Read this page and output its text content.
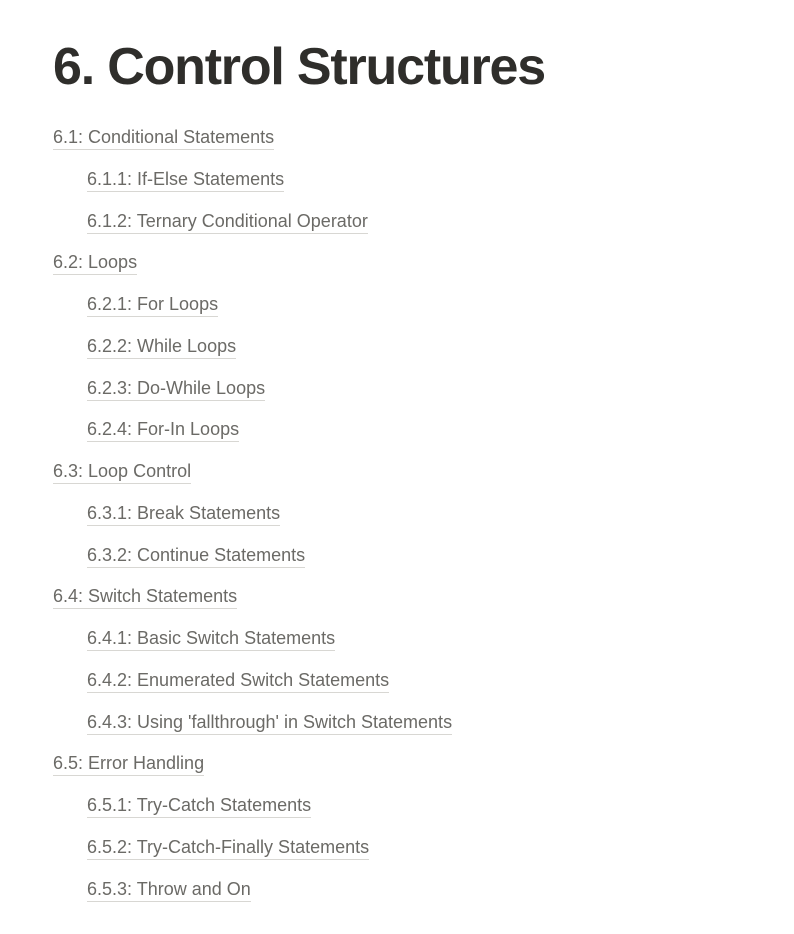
6. Control Structures
6.1: Conditional Statements
6.1.1: If-Else Statements
6.1.2: Ternary Conditional Operator
6.2: Loops
6.2.1: For Loops
6.2.2: While Loops
6.2.3: Do-While Loops
6.2.4: For-In Loops
6.3: Loop Control
6.3.1: Break Statements
6.3.2: Continue Statements
6.4: Switch Statements
6.4.1: Basic Switch Statements
6.4.2: Enumerated Switch Statements
6.4.3: Using 'fallthrough' in Switch Statements
6.5: Error Handling
6.5.1: Try-Catch Statements
6.5.2: Try-Catch-Finally Statements
6.5.3: Throw and On
